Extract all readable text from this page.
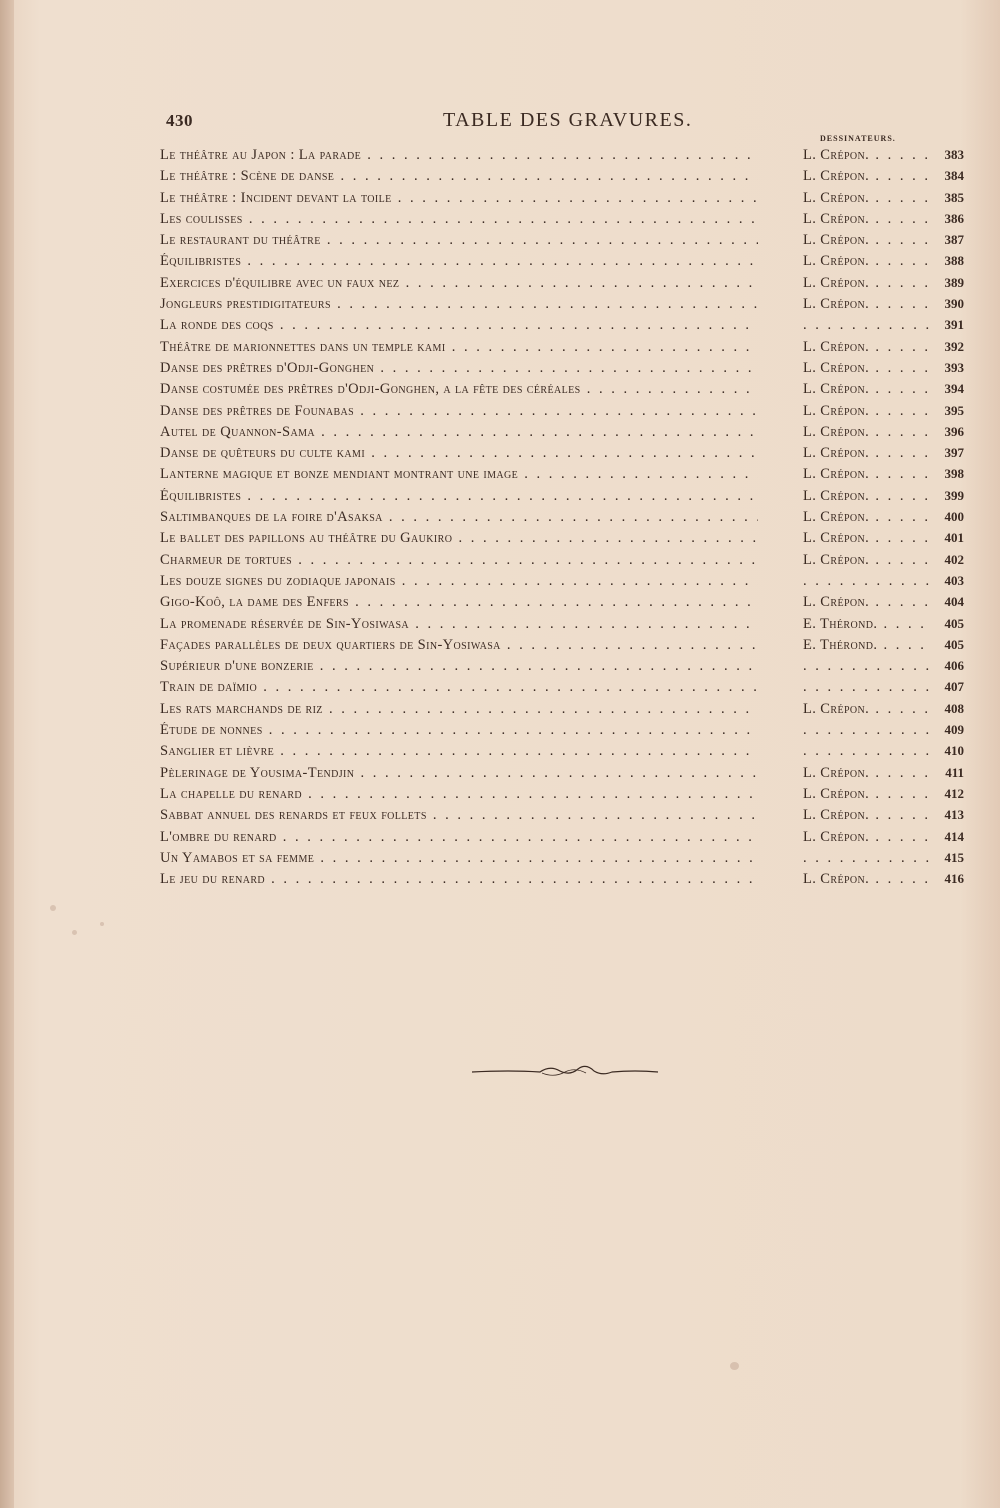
430	TABLE DES GRAVURES.
DESSINATEURS.
Le théâtre au Japon : La parade . . .	L. Crépon. . . .	383
Le théâtre : Scène de danse . . .	L. Crépon. . . .	384
Le théâtre : Incident devant la toile . . .	L. Crépon. . . .	385
Les coulisses . . .	L. Crépon. . . .	386
Le restaurant du théâtre . . .	L. Crépon. . . .	387
Équilibristes . . .	L. Crépon. . . .	388
Exercices d'équilibre avec un faux nez . . .	L. Crépon. . . .	389
Jongleurs prestidigitateurs . . .	L. Crépon. . . .	390
La ronde des coqs . . . . . .	391
Théâtre de marionnettes dans un temple kami . . .	L. Crépon. . . .	392
Danse des prêtres d'Odji-Gonghen . . .	L. Crépon. . . .	393
Danse costumée des prêtres d'Odji-Gonghen, a la fête des céréales . . .	L. Crépon. . . .	394
Danse des prêtres de Founabas . . .	L. Crépon. . . .	395
Autel de Quannon-Sama . . .	L. Crépon. . . .	396
Danse de quêteurs du culte kami . . .	L. Crépon. . . .	397
Lanterne magique et bonze mendiant montrant une image . . .	L. Crépon. . . .	398
Équilibristes . . .	L. Crépon. . . .	399
Saltimbanques de la foire d'Asaksa . . .	L. Crépon. . . .	400
Le ballet des papillons au théâtre du Gaukiro . . .	L. Crépon. . . .	401
Charmeur de tortues . . .	L. Crépon. . . .	402
Les douze signes du zodiaque japonais . . . . . .	403
Gigo-Koô, la dame des Enfers . . .	L. Crépon. . . .	404
La promenade réservée de Sin-Yosiwasa . . .	E. Thérond. . . .	405
Façades parallèles de deux quartiers de Sin-Yosiwasa . . .	E. Thérond. . . .	405
Supérieur d'une bonzerie . . . . . .	406
Train de daïmio . . . . . .	407
Les rats marchands de riz . . .	L. Crépon. . . .	408
Étude de nonnes . . . . . .	409
Sanglier et lièvre . . . . . .	410
Pèlerinage de Yousima-Tendjin . . .	L. Crépon. . . .	411
La chapelle du renard . . .	L. Crépon. . . .	412
Sabbat annuel des renards et feux follets . . .	L. Crépon. . . .	413
L'ombre du renard . . .	L. Crépon. . . .	414
Un Yamabos et sa femme . . . . . .	415
Le jeu du renard . . .	L. Crépon. . . .	416
